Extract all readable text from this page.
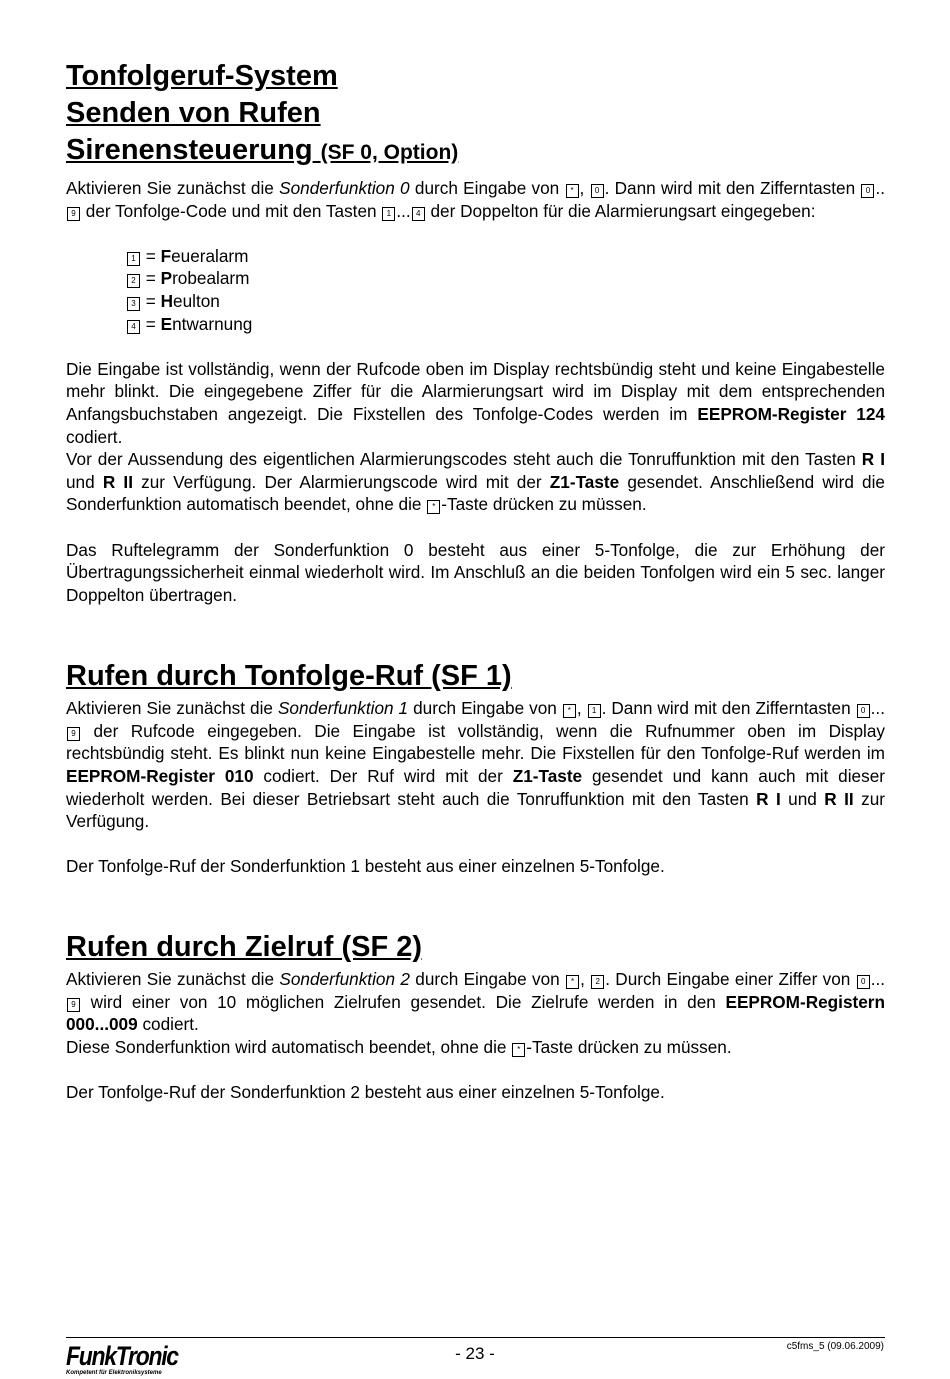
Tonfolgeruf-System
Senden von Rufen
Sirenensteuerung (SF 0, Option)

Aktivieren Sie zunächst die Sonderfunktion 0 durch Eingabe von * , 0 . Dann wird mit den Zifferntasten 0 ..9 der Tonfolge-Code und mit den Tasten 1 ... 4 der Doppelton für die Alarmierungsart eingegeben:

1 = Feueralarm
2 = Probealarm
3 = Heulton
4 = Entwarnung

Die Eingabe ist vollständig, wenn der Rufcode oben im Display rechtsbündig steht und keine Eingabestelle mehr blinkt. Die eingegebene Ziffer für die Alarmierungsart wird im Display mit dem entsprechenden Anfangsbuchstaben angezeigt. Die Fixstellen des Tonfolge-Codes werden im EEPROM-Register 124 codiert.

Vor der Aussendung des eigentlichen Alarmierungscodes steht auch die Tonruffunktion mit den Tasten R I und R II zur Verfügung. Der Alarmierungscode wird mit der Z1-Taste gesendet. Anschließend wird die Sonderfunktion automatisch beendet, ohne die * -Taste drücken zu müssen.

Das Ruftelegramm der Sonderfunktion 0 besteht aus einer 5-Tonfolge, die zur Erhöhung der Übertragungssicherheit einmal wiederholt wird. Im Anschluß an die beiden Tonfolgen wird ein 5 sec. langer Doppelton übertragen.

Rufen durch Tonfolge-Ruf (SF 1)

Aktivieren Sie zunächst die Sonderfunktion 1 durch Eingabe von * , 1 . Dann wird mit den Zifferntasten 0 ...9 der Rufcode eingegeben. Die Eingabe ist vollständig, wenn die Rufnummer oben im Display rechtsbündig steht. Es blinkt nun keine Eingabestelle mehr. Die Fixstellen für den Tonfolge-Ruf werden im EEPROM-Register 010 codiert. Der Ruf wird mit der Z1-Taste gesendet und kann auch mit dieser wiederholt werden. Bei dieser Betriebsart steht auch die Tonruffunktion mit den Tasten R I und R II zur Verfügung.

Der Tonfolge-Ruf der Sonderfunktion 1 besteht aus einer einzelnen 5-Tonfolge.

Rufen durch Zielruf (SF 2)

Aktivieren Sie zunächst die Sonderfunktion 2 durch Eingabe von * , 2 . Durch Eingabe einer Ziffer von 0 ...9 wird einer von 10 möglichen Zielrufen gesendet. Die Zielrufe werden in den EEPROM-Registern 000...009 codiert.

Diese Sonderfunktion wird automatisch beendet, ohne die * -Taste drücken zu müssen.

Der Tonfolge-Ruf der Sonderfunktion 2 besteht aus einer einzelnen 5-Tonfolge.

FunkTronic
Kompetent für Elektroniksysteme
- 23 -	c5fms_5 (09.06.2009)
